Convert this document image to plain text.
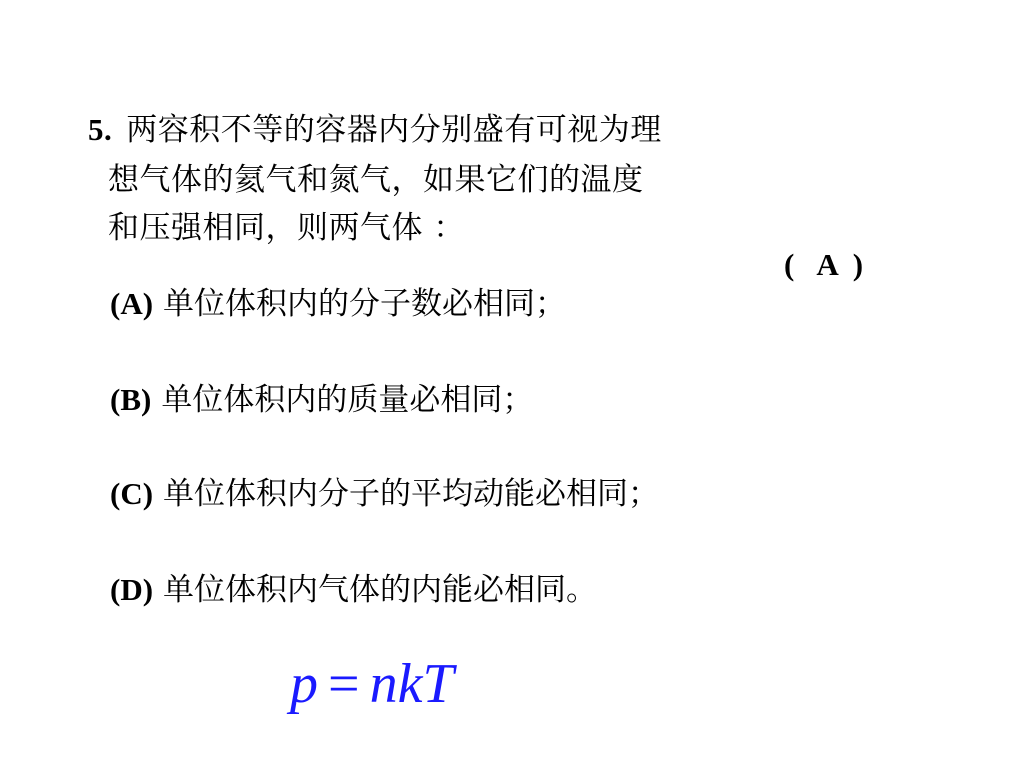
5. 两容积不等的容器内分别盛有可视为理
想气体的氦气和氮气，如果它们的温度
和压强相同，则两气体 ：
( A )
(A) 单位体积内的分子数必相同；
(B) 单位体积内的质量必相同；
(C) 单位体积内分子的平均动能必相同；
(D) 单位体积内气体的内能必相同。
p = nkT
